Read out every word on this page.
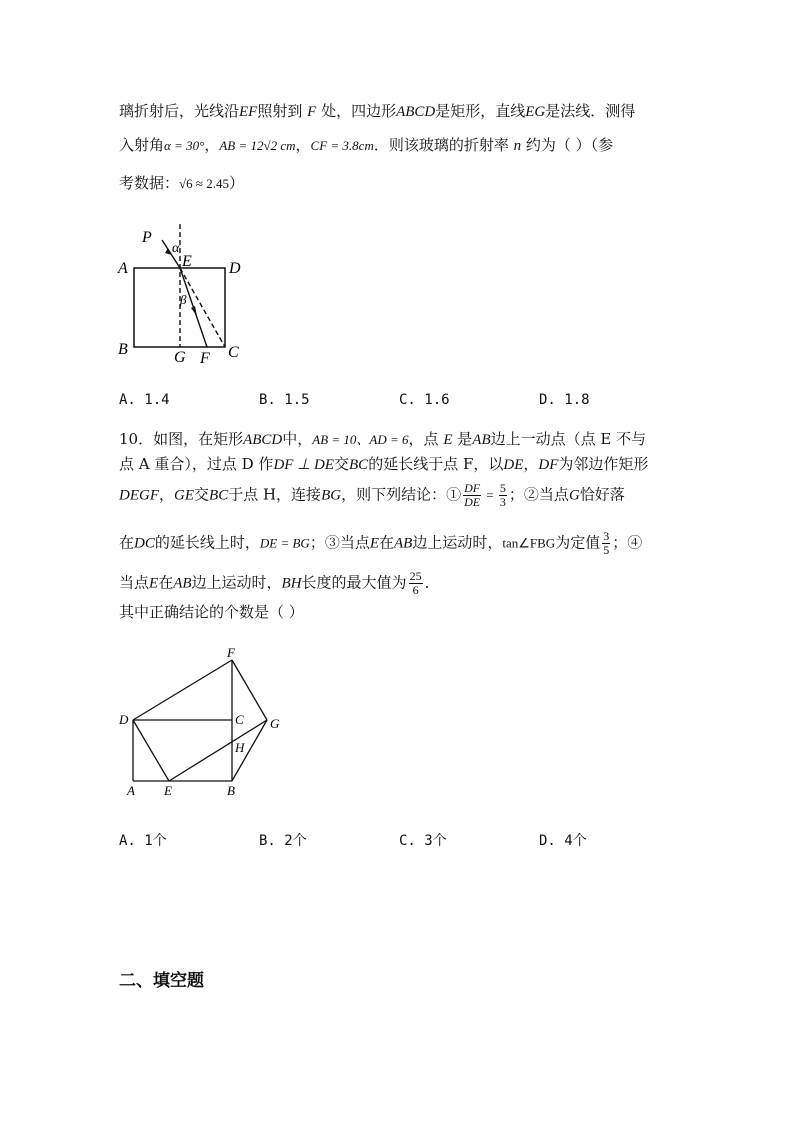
璃折射后，光线沿EF照射到 F 处，四边形ABCD是矩形，直线EG是法线．测得
入射角α = 30°，AB = 12√2 cm，CF = 3.8cm．则该玻璃的折射率 n 约为（ ）（参
考数据：√6 ≈ 2.45）
P
α
E
A	D
β
B	G F C
A. 1.4	B. 1.5	C. 1.6	D. 1.8
10．如图，在矩形ABCD中，AB = 10、AD = 6，点 E 是AB边上一动点（点 E 不与
点 A 重合），过点 D 作DF ⊥ DE交BC的延长线于点 F，以DE，DF为邻边作矩形
DEGF，GE交BC于点 H，连接BG，则下列结论：① $\frac{DF}{DE} = \frac{5}{3}$ ；②当点G恰好落
在DC的延长线上时，DE = BG；③当点E在AB边上运动时，tan∠FBG为定值 $\frac{3}{5}$ ；④
当点E在AB边上运动时，BH长度的最大值为 $\frac{25}{6}$ ．
其中正确结论的个数是（ ）
F
D	C G
H
A E	B
A. 1个	B. 2个	C. 3个	D. 4个
二、填空题
